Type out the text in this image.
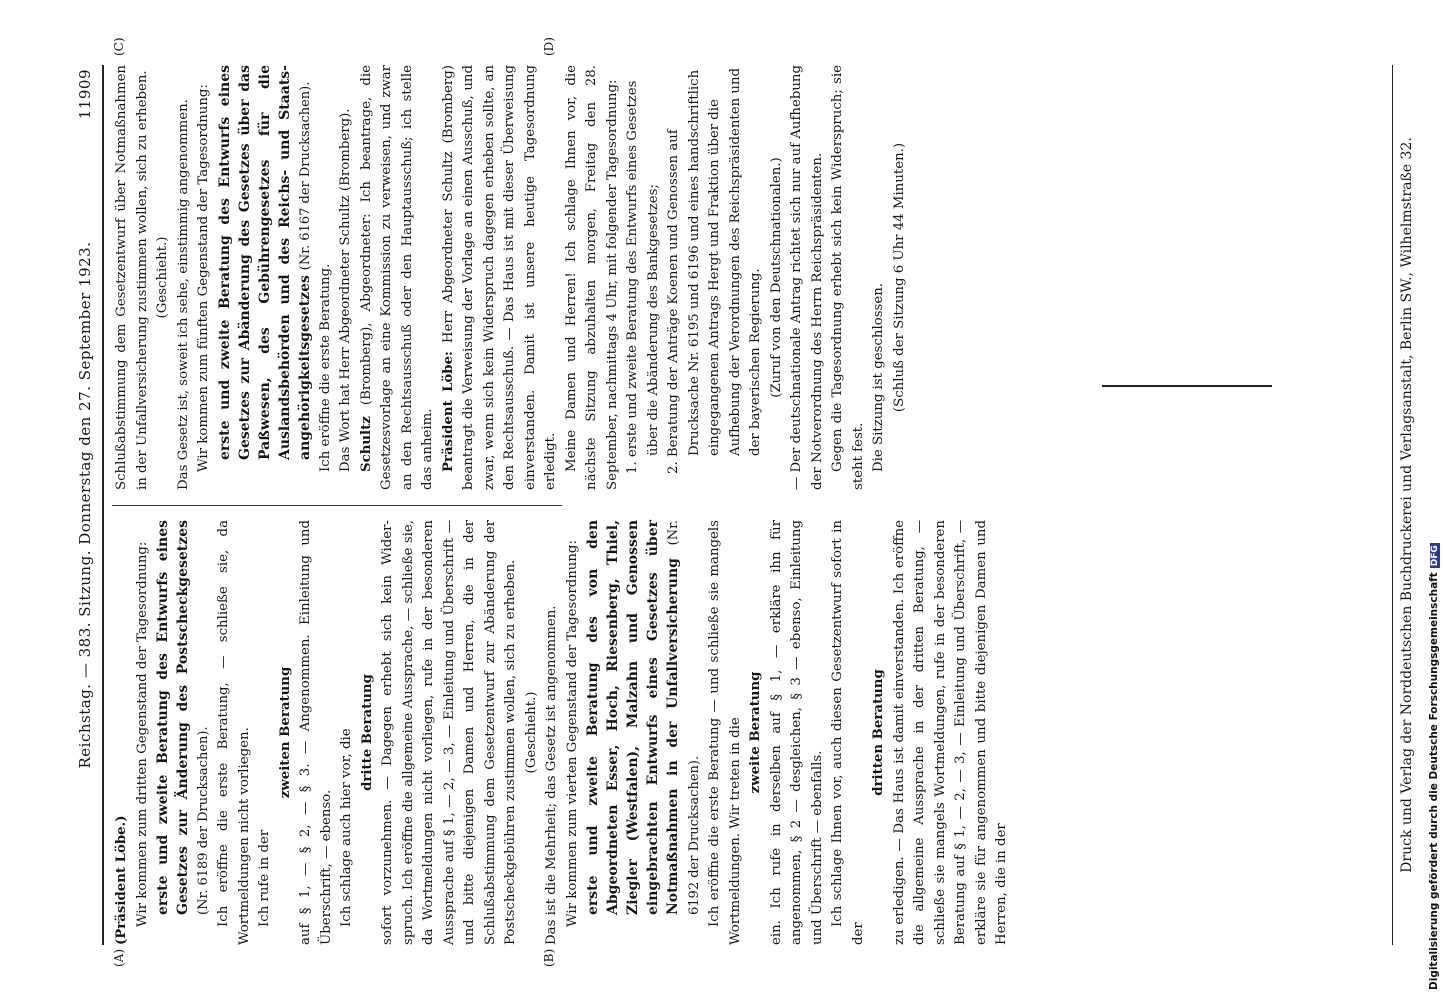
Reichstag. — 383. Sitzung. Donnerstag den 27. September 1923.
11909
(A)	(B)
(C)	(D)

(Präsident Löbe.) Wir kommen zum dritten Gegenstand der Tagesordnung: erste und zweite Beratung des Entwurfs eines Gesetzes zur Änderung des Postscheckgesetzes (Nr. 6189 der Drucksachen). Ich eröffne die erste Beratung, — schließe sie, da Wortmeldungen nicht vorliegen. Ich rufe in der

zweiten Beratung auf § 1, — § 2, — § 3. — Angenommen. Einleitung und Überschrift, — ebenso. Ich schlage auch hier vor, die dritte Beratung sofort vorzunehmen. — Dagegen erhebt sich kein Widerspruch. Ich eröffne die allgemeine Aussprache, — schließe sie, da Wortmeldungen nicht vorliegen, rufe in der besonderen Aussprache auf § 1, — 2, — 3, — Einleitung und Überschrift — und bitte diejenigen Damen und Herren, die in der Schlußabstimmung dem Gesetzentwurf zur Abänderung der Postscheckgebühren zustimmen wollen, sich zu erheben. (Geschieht.) Das ist die Mehrheit; das Gesetz ist angenommen. Wir kommen zum vierten Gegenstand der Tagesordnung: erste und zweite Beratung des von den Abgeordneten Esser, Hoch, Riesenberg, Thiel, Ziegler (Westfalen), Malzahn und Genossen eingebrachten Entwurfs eines Gesetzes über Notmaßnahmen in der Unfallversicherung (Nr. 6192 der Drucksachen). Ich eröffne die erste Beratung — und schließe sie mangels Wortmeldungen. Wir treten in die zweite Beratung ein. Ich rufe in derselben auf § 1, — erkläre ihn für angenommen, § 2 — desgleichen, § 3 — ebenso, Einleitung und Überschrift — ebenfalls. Ich schlage Ihnen vor, auch diesen Gesetzentwurf sofort in der

dritten Beratung zu erledigen. — Das Haus ist damit einverstanden. Ich eröffne die allgemeine Aussprache in der dritten Beratung, — schließe sie mangels Wortmeldungen, rufe in der besonderen Beratung auf § 1, — 2, — 3, — Einleitung und Überschrift, — erkläre sie für angenommen und bitte diejenigen Damen und Herren, die in der

Schlußabstimmung dem Gesetzentwurf über Notmaßnahmen in der Unfallversicherung zustimmen wollen, sich zu erheben. (Geschieht.) Das Gesetz ist, soweit ich sehe, einstimmig angenommen. Wir kommen zum fünften Gegenstand der Tagesordnung: erste und zweite Beratung des Entwurfs eines Gesetzes zur Abänderung des Gesetzes über das Paßwesen, des Gebührengesetzes für die Auslandsbehörden und des Reichs- und Staatsangehörigkeitsgesetzes (Nr. 6167 der Drucksachen).

Ich eröffne die erste Beratung. Das Wort hat Herr Abgeordneter Schultz (Bromberg). Schultz (Bromberg), Abgeordneter: Ich beantrage, die Gesetzesvorlage an eine Kommission zu verweisen, und zwar an den Rechtsausschuß oder den Hauptausschuß; ich stelle das anheim. Präsident Löbe: Herr Abgeordneter Schultz (Bromberg) beantragt die Verweisung der Vorlage an einen Ausschuß, und zwar, wenn sich kein Widerspruch dagegen erheben sollte, an den Rechtsausschuß. — Das Haus ist mit dieser Überweisung einverstanden. Damit ist unsere heutige Tagesordnung erledigt. Meine Damen und Herren! Ich schlage Ihnen vor, die nächste Sitzung abzuhalten morgen, Freitag den 28. September, nachmittags 4 Uhr, mit folgender Tagesordnung: 1. erste und zweite Beratung des Entwurfs eines Gesetzes über die Abänderung des Bankgesetzes; 2. Beratung der Anträge Koenen und Genossen auf Drucksache Nr. 6195 und 6196 und eines handschriftlich eingegangenen Antrags Hergt und Fraktion über die Aufhebung der Verordnungen des Reichspräsidenten und der bayerischen Regierung. (Zuruf von den Deutschnationalen.) — Der deutschnationale Antrag richtet sich nur auf Aufhebung der Notverordnung des Herrn Reichspräsidenten. Gegen die Tagesordnung erhebt sich kein Widerspruch; sie steht fest. Die Sitzung ist geschlossen. (Schluß der Sitzung 6 Uhr 44 Minuten.)	Druck und Verlag der Norddeutschen Buchdruckerei und Verlagsanstalt, Berlin SW., Wilhelmstraße 32. Digitalisierung gefördert durch die Deutsche ForschungsgemeinschaftDFG
